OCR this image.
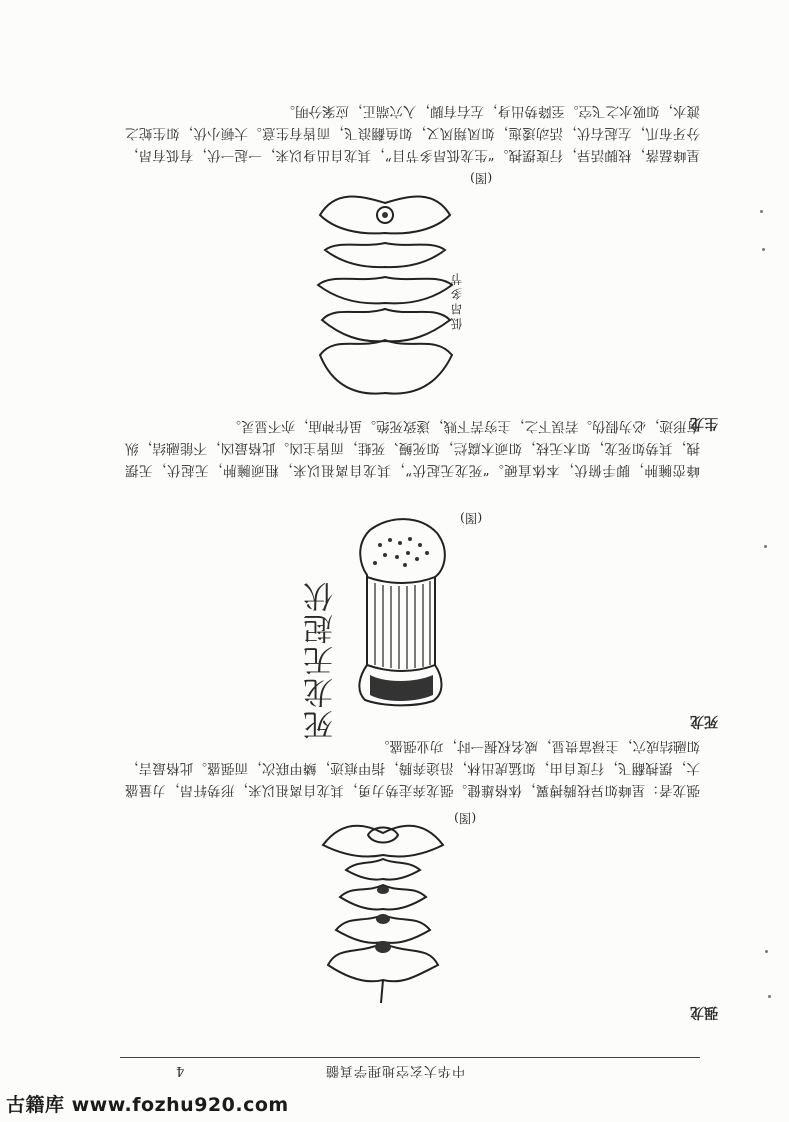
中华大玄空地理学真髓
4
古籍库 www.fozhu920.com
强龙
(图)
强龙者：星峰如异枝腾搏翼，体格雄健。强龙奔走势力勇，其龙自离祖以来，形势轩昂，力量盛大，摆拽翻飞，行度自由，如猛虎出林，沿途奔腾，指甲痕迹，鳞甲联次，而强盛。此格最吉，如融结成穴，主禄富贵显，威名权握一时，功业强盛。
死龙
死龙无起伏
(图)
峰峦臃肿，脚手俯伏，本体直硬。“死龙无起伏”，其龙自离祖以来，粗顽臃肿，无起伏，无摆拽，其势如死龙，如木无枝，如顽木腐烂，如死鳗、死蛙，而皆主凶。此格最凶，不能融结，纵有形迹，必为假伪。若误下之，主穷苦下贱，遂致死绝。虽作神庙，亦不显灵。
生龙
低昂多节
(图)
星峰磊落，枝脚活异，行度摆拽。“生龙低昂多节目”，其龙自出身以来，一起一伏，有低有昂，分牙布爪，左起右伏，活动逶迤，如凤翔风又，如鱼翻浪飞，而皆有生意。大顿小伏，如生蛇之渡水，如吸水之飞空。至降势出身，左右有脚，入穴端正，应案分明。
